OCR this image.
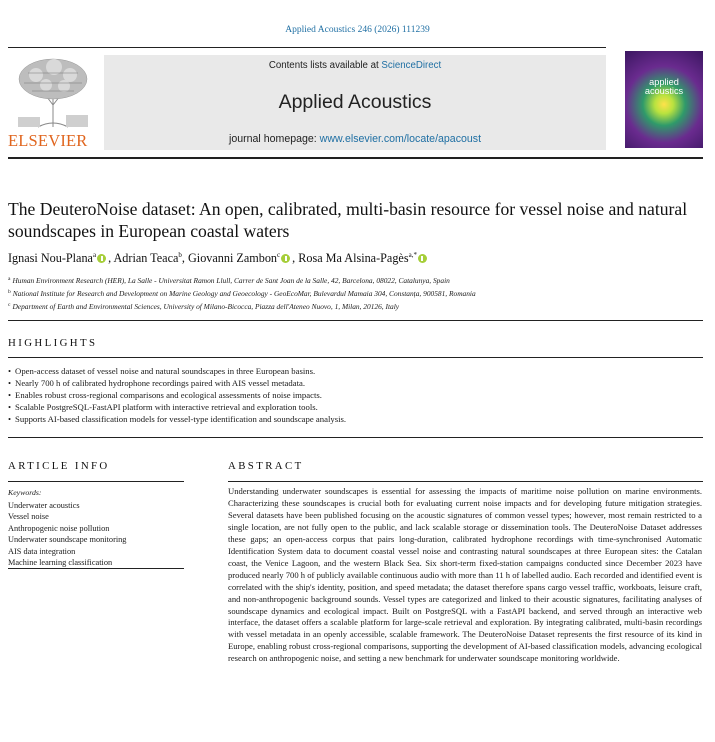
Applied Acoustics 246 (2026) 111239
ELSEVIER
Contents lists available at ScienceDirect
Applied Acoustics
journal homepage: www.elsevier.com/locate/apacoust
applied
acoustics
The DeuteroNoise dataset: An open, calibrated, multi-basin resource for vessel noise and natural soundscapes in European coastal waters
Ignasi Nou-Plana$^a$ , Adrian Teaca$^b$, Giovanni Zambon$^c$ , Rosa Ma Alsina-Pagès$^{a,*}$
$^a$ Human Environment Research (HER), La Salle - Universitat Ramon Llull, Carrer de Sant Joan de la Salle, 42, Barcelona, 08022, Catalunya, Spain
$^b$ National Institute for Research and Development on Marine Geology and Geoecology - GeoEcoMar, Bulevardul Mamaia 304, Constanța, 900581, Romania
$^c$ Department of Earth and Environmental Sciences, University of Milano-Bicocca, Piazza dell'Ateneo Nuovo, 1, Milan, 20126, Italy
HIGHLIGHTS
• Open-access dataset of vessel noise and natural soundscapes in three European basins.
• Nearly 700 h of calibrated hydrophone recordings paired with AIS vessel metadata.
• Enables robust cross-regional comparisons and ecological assessments of noise impacts.
• Scalable PostgreSQL-FastAPI platform with interactive retrieval and exploration tools.
• Supports AI-based classification models for vessel-type identification and soundscape analysis.
ARTICLE INFO
Keywords:
Underwater acoustics
Vessel noise
Anthropogenic noise pollution
Underwater soundscape monitoring
AIS data integration
Machine learning classification
ABSTRACT

Understanding underwater soundscapes is essential for assessing the impacts of maritime noise pollution on marine environments. Characterizing these soundscapes is crucial both for evaluating current noise impacts and for developing future mitigation strategies. Several datasets have been published focusing on the acoustic signatures of common vessel types; however, most remain restricted to a single location, are not fully open to the public, and lack scalable storage or dissemination tools. The DeuteroNoise Dataset addresses these gaps; an open-access corpus that pairs long-duration, calibrated hydrophone recordings with time-synchronised Automatic Identification System data to document coastal vessel noise and contrasting natural soundscapes at three European sites: the Catalan coast, the Venice Lagoon, and the western Black Sea. Six short-term fixed-station campaigns conducted since December 2023 have produced nearly 700 h of publicly available continuous audio with more than 11 h of labelled audio. Each recorded and identified event is correlated with the ship's identity, position, and speed metadata; the dataset therefore spans cargo vessel traffic, workboats, leisure craft, and non-anthropogenic background sounds. Vessel types are categorized and linked to their acoustic signatures, facilitating analyses of soundscape dynamics and ecological impact. Built on PostgreSQL with a FastAPI backend, and served through an interactive web interface, the dataset offers a scalable platform for large-scale retrieval and exploration. By integrating calibrated, multi-basin recordings with vessel metadata in an openly accessible, scalable framework. The DeuteroNoise Dataset represents the first resource of its kind in Europe, enabling robust cross-regional comparisons, supporting the development of AI-based classification models, advancing ecological research on anthropogenic noise, and setting a new benchmark for underwater soundscape monitoring worldwide.
